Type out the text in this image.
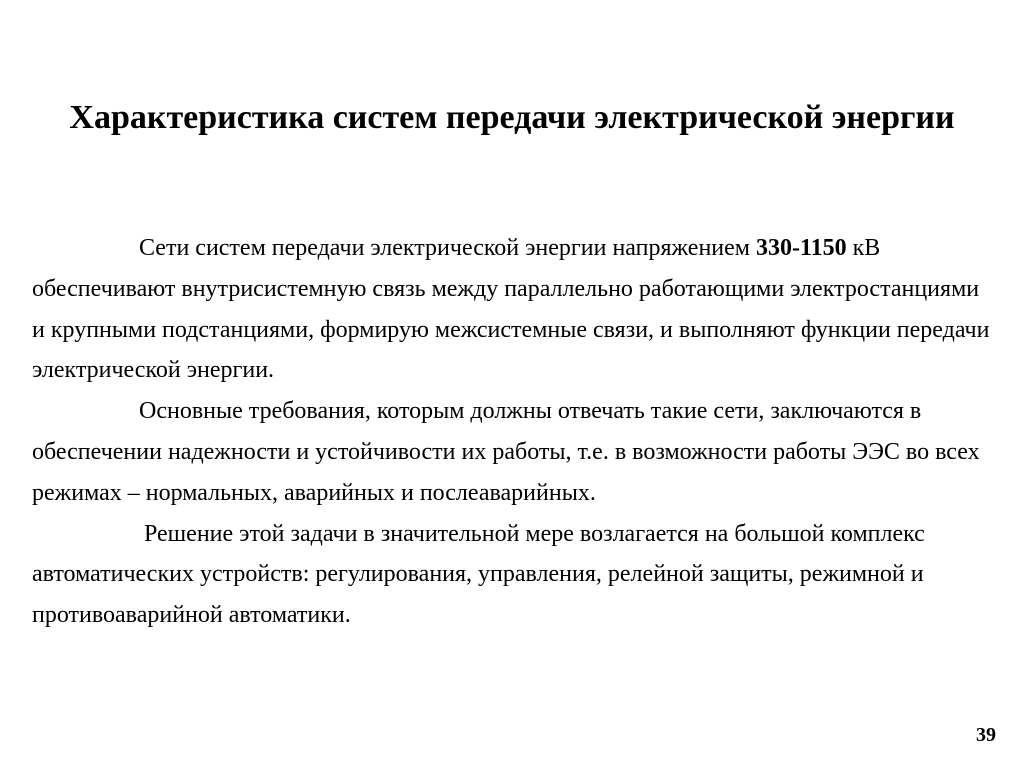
Характеристика систем передачи электрической энергии

Сети систем передачи электрической энергии напряжением 330-1150 кВ обеспечивают внутрисистемную связь между параллельно работающими электростанциями и крупными подстанциями, формирую межсистемные связи, и выполняют функции передачи электрической энергии.

Основные требования, которым должны отвечать такие сети, заключаются в обеспечении надежности и устойчивости их работы, т.е. в возможности работы ЭЭС во всех режимах – нормальных, аварийных и послеаварийных.

Решение этой задачи в значительной мере возлагается на большой комплекс автоматических устройств: регулирования, управления, релейной защиты, режимной и противоаварийной автоматики.

39
